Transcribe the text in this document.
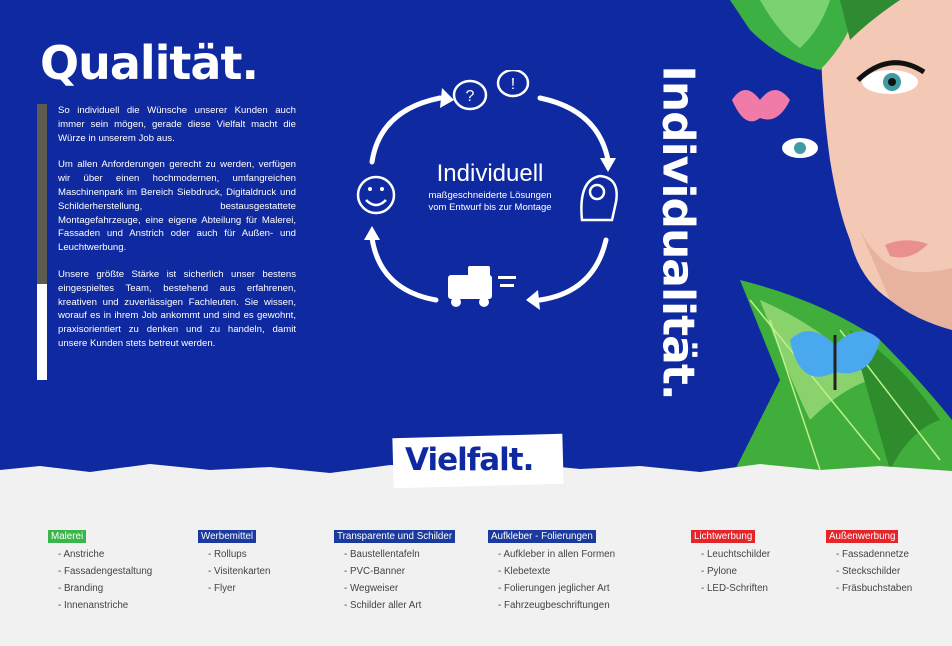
Qualität.

So individuell die Wünsche unserer Kunden auch immer sein mögen, gerade diese Vielfalt macht die Würze in unserem Job aus.

Um allen Anforderungen gerecht zu werden, verfügen wir über einen hochmodernen, umfangreichen Maschinenpark im Bereich Siebdruck, Digitaldruck und Schilderherstellung, bestausgestattete Montagefahrzeuge, eine eigene Abteilung für Malerei, Fassaden und Anstrich oder auch für Außen- und Leuchtwerbung.

Unsere größte Stärke ist sicherlich unser bestens eingespieltes Team, bestehend aus erfahrenen, kreativen und zuverlässigen Fachleuten. Sie wissen, worauf es in ihrem Job ankommt und sind es gewohnt, praxisorientiert zu denken und zu handeln, damit unsere Kunden stets betreut werden.

?
!
Individuell
maßgeschneiderte Lösungen
vom Entwurf bis zur Montage	Individualität.
Vielfalt.
Malerei
- Anstriche
- Fassadengestaltung
- Branding
- Innenanstriche
Werbemittel
- Rollups
- Visitenkarten
- Flyer
Transparente und Schilder
- Baustellentafeln
- PVC-Banner
- Wegweiser
- Schilder aller Art
Aufkleber - Folierungen
- Aufkleber in allen Formen
- Klebetexte
- Folierungen jeglicher Art
- Fahrzeugbeschriftungen
Lichtwerbung
- Leuchtschilder
- Pylone
- LED-Schriften
Außenwerbung
- Fassadennetze
- Steckschilder
- Fräsbuchstaben
